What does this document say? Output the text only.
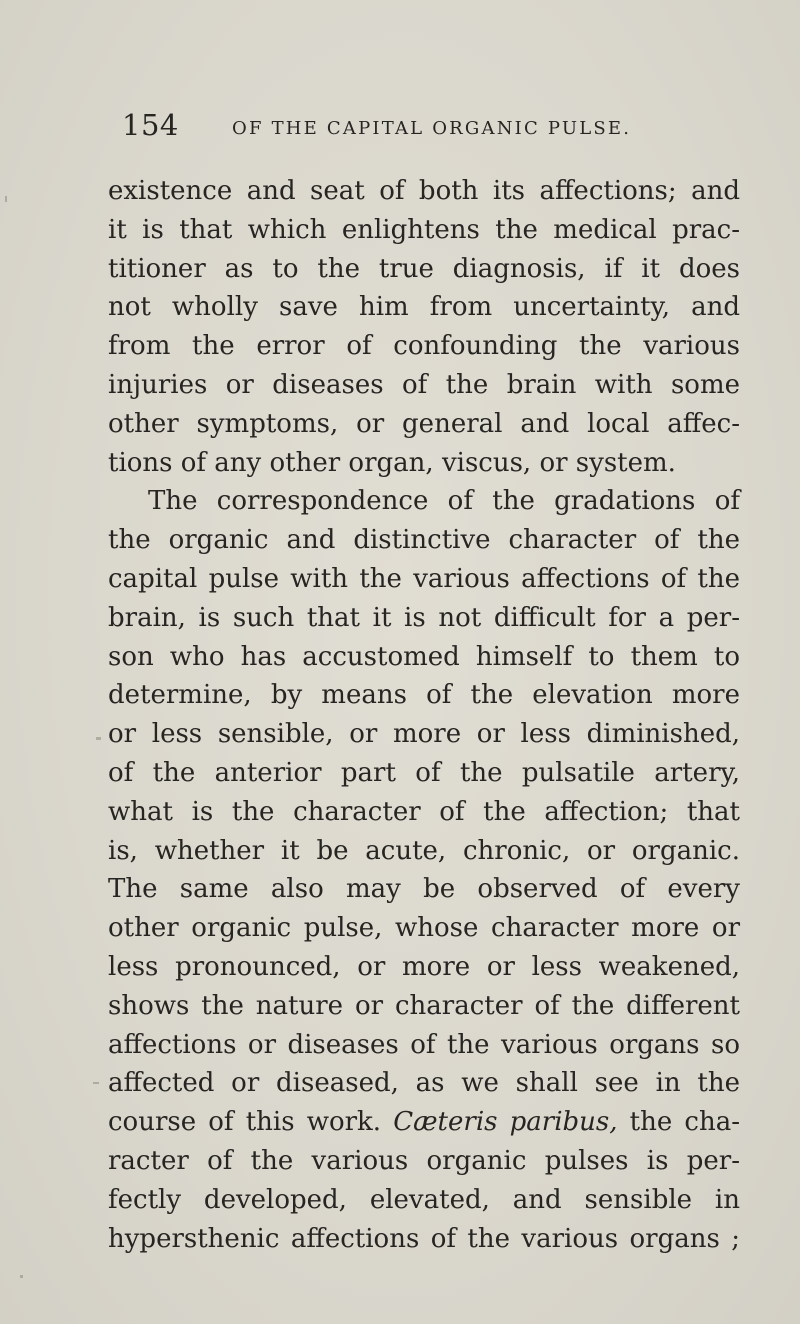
154	OF THE CAPITAL ORGANIC PULSE.
existence and seat of both its affections; and
it is that which enlightens the medical prac-
titioner as to the true diagnosis, if it does
not wholly save him from uncertainty, and
from the error of confounding the various
injuries or diseases of the brain with some
other symptoms, or general and local affec-
tions of any other organ, viscus, or system.
The correspondence of the gradations of
the organic and distinctive character of the
capital pulse with the various affections of the
brain, is such that it is not difficult for a per-
son who has accustomed himself to them to
determine, by means of the elevation more
or less sensible, or more or less diminished,
of the anterior part of the pulsatile artery,
what is the character of the affection; that
is, whether it be acute, chronic, or organic.
The same also may be observed of every
other organic pulse, whose character more or
less pronounced, or more or less weakened,
shows the nature or character of the different
affections or diseases of the various organs so
affected or diseased, as we shall see in the
course of this work. Cæteris paribus, the cha-
racter of the various organic pulses is per-
fectly developed, elevated, and sensible in
hypersthenic affections of the various organs ;
